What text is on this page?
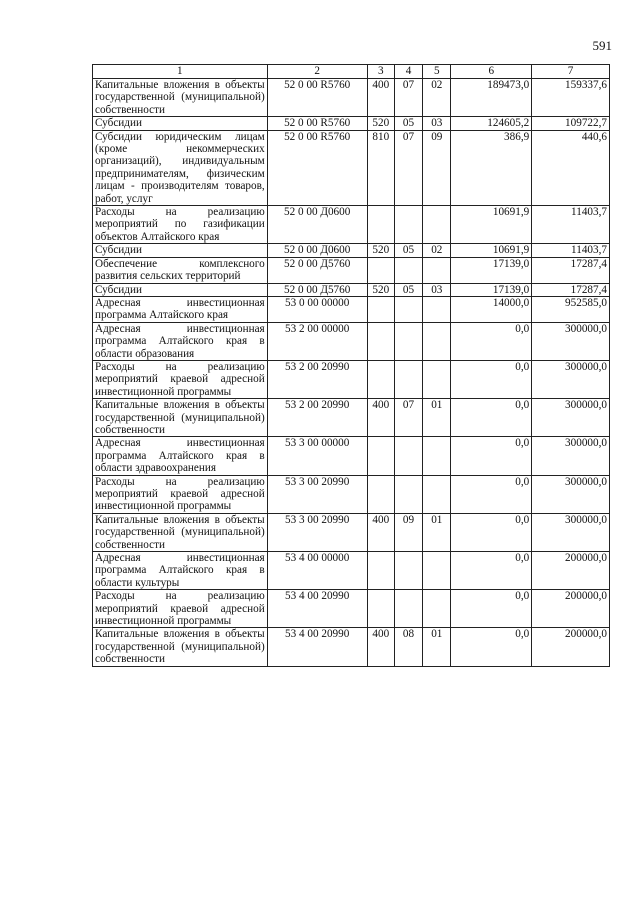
591
1	2	3	4	5	6	7
Капитальные вложения в объекты государственной (муниципальной) собственности	52 0 00 R5760	400	07	02	189473,0	159337,6
Субсидии	52 0 00 R5760	520	05	03	124605,2	109722,7
Субсидии юридическим лицам (кроме некоммерческих организаций), индивидуальным предпринимателям, физическим лицам - производителям товаров, работ, услуг	52 0 00 R5760	810	07	09	386,9	440,6
Расходы на реализацию мероприятий по газификации объектов Алтайского края	52 0 00 Д0600				10691,9	11403,7
Субсидии	52 0 00 Д0600	520	05	02	10691,9	11403,7
Обеспечение комплексного развития сельских территорий	52 0 00 Д5760				17139,0	17287,4
Субсидии	52 0 00 Д5760	520	05	03	17139,0	17287,4
Адресная инвестиционная программа Алтайского края	53 0 00 00000				14000,0	952585,0
Адресная инвестиционная программа Алтайского края в области образования	53 2 00 00000				0,0	300000,0
Расходы на реализацию мероприятий краевой адресной инвестиционной программы	53 2 00 20990				0,0	300000,0
Капитальные вложения в объекты государственной (муниципальной) собственности	53 2 00 20990	400	07	01	0,0	300000,0
Адресная инвестиционная программа Алтайского края в области здравоохранения	53 3 00 00000				0,0	300000,0
Расходы на реализацию мероприятий краевой адресной инвестиционной программы	53 3 00 20990				0,0	300000,0
Капитальные вложения в объекты государственной (муниципальной) собственности	53 3 00 20990	400	09	01	0,0	300000,0
Адресная инвестиционная программа Алтайского края в области культуры	53 4 00 00000				0,0	200000,0
Расходы на реализацию мероприятий краевой адресной инвестиционной программы	53 4 00 20990				0,0	200000,0
Капитальные вложения в объекты государственной (муниципальной) собственности	53 4 00 20990	400	08	01	0,0	200000,0
